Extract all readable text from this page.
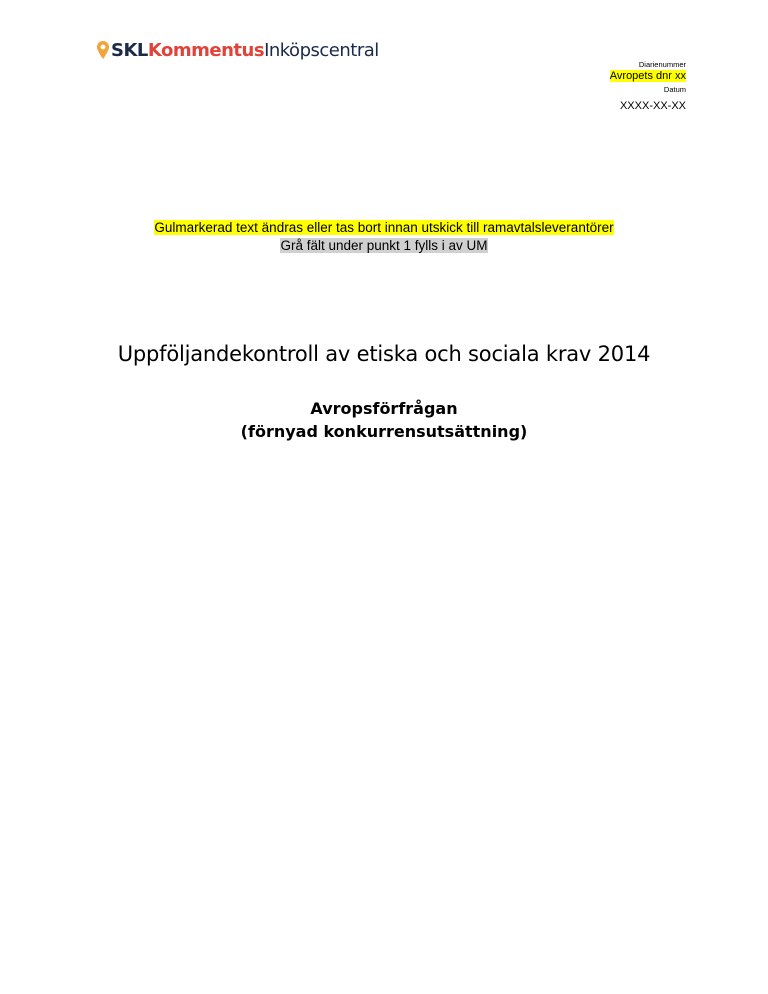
SKL Kommentus Inköpscentral
Diarienummer
Avropets dnr xx
Datum
XXXX-XX-XX
Gulmarkerad text ändras eller tas bort innan utskick till ramavtalsleverantörer
Grå fält under punkt 1 fylls i av UM
Uppföljandekontroll av etiska och sociala krav 2014
Avropsförfrågan
(förnyad konkurrensutsättning)
